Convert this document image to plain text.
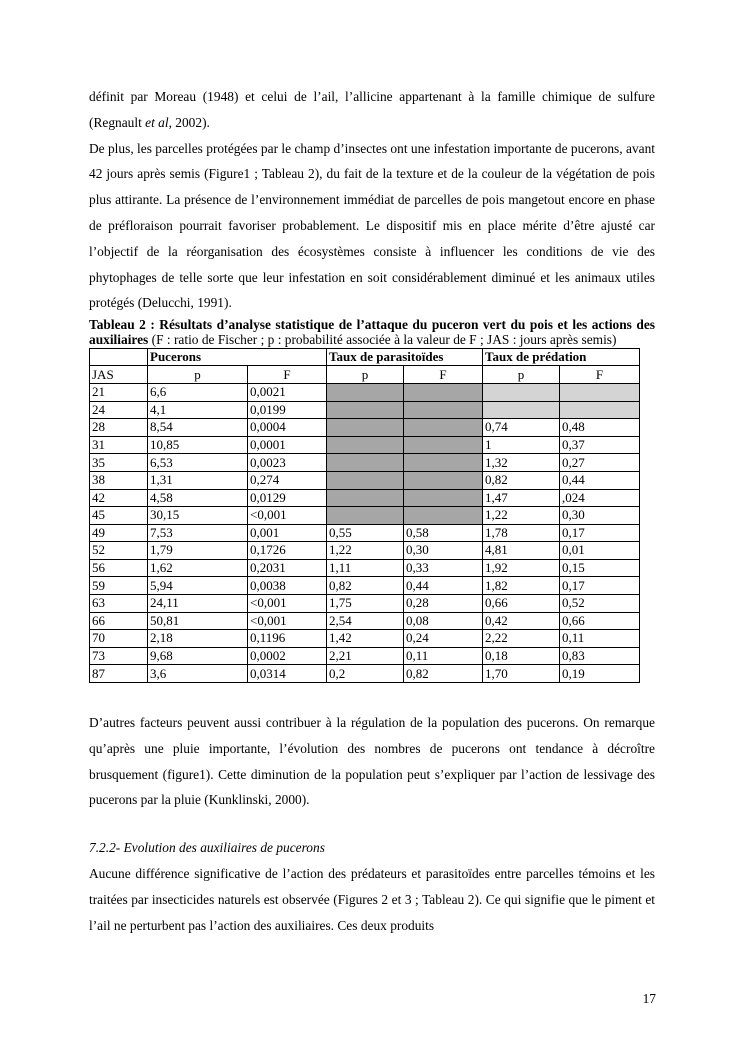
définit par Moreau (1948) et celui de l’ail, l’allicine appartenant à la famille chimique de sulfure (Regnault et al, 2002).

De plus, les parcelles protégées par le champ d’insectes ont une infestation importante de pucerons, avant 42 jours après semis (Figure1 ; Tableau 2), du fait de la texture et de la couleur de la végétation de pois plus attirante. La présence de l’environnement immédiat de parcelles de pois mangetout encore en phase de préfloraison pourrait favoriser probablement. Le dispositif mis en place mérite d’être ajusté car l’objectif de la réorganisation des écosystèmes consiste à influencer les conditions de vie des phytophages de telle sorte que leur infestation en soit considérablement diminué et les animaux utiles protégés (Delucchi, 1991).

Tableau 2 : Résultats d’analyse statistique de l’attaque du puceron vert du pois et les actions des auxiliaires (F : ratio de Fischer ; p : probabilité associée à la valeur de F ; JAS : jours après semis)

	Pucerons		Taux de parasitoïdes		Taux de prédation	
JAS	p	F	p	F	p	F
21	6,6	0,0021				
24	4,1	0,0199				
28	8,54	0,0004			0,74	0,48
31	10,85	0,0001			1	0,37
35	6,53	0,0023			1,32	0,27
38	1,31	0,274			0,82	0,44
42	4,58	0,0129			1,47	,024
45	30,15	<0,001			1,22	0,30
49	7,53	0,001	0,55	0,58	1,78	0,17
52	1,79	0,1726	1,22	0,30	4,81	0,01
56	1,62	0,2031	1,11	0,33	1,92	0,15
59	5,94	0,0038	0,82	0,44	1,82	0,17
63	24,11	<0,001	1,75	0,28	0,66	0,52
66	50,81	<0,001	2,54	0,08	0,42	0,66
70	2,18	0,1196	1,42	0,24	2,22	0,11
73	9,68	0,0002	2,21	0,11	0,18	0,83
87	3,6	0,0314	0,2	0,82	1,70	0,19

D’autres facteurs peuvent aussi contribuer à la régulation de la population des pucerons. On remarque qu’après une pluie importante, l’évolution des nombres de pucerons ont tendance à décroître brusquement (figure1). Cette diminution de la population peut s’expliquer par l’action de lessivage des pucerons par la pluie (Kunklinski, 2000).

7.2.2- Evolution des auxiliaires de pucerons

Aucune différence significative de l’action des prédateurs et parasitoïdes entre parcelles témoins et les traitées par insecticides naturels est observée (Figures 2 et 3 ; Tableau 2). Ce qui signifie que le piment et l’ail ne perturbent pas l’action des auxiliaires. Ces deux produits

17
